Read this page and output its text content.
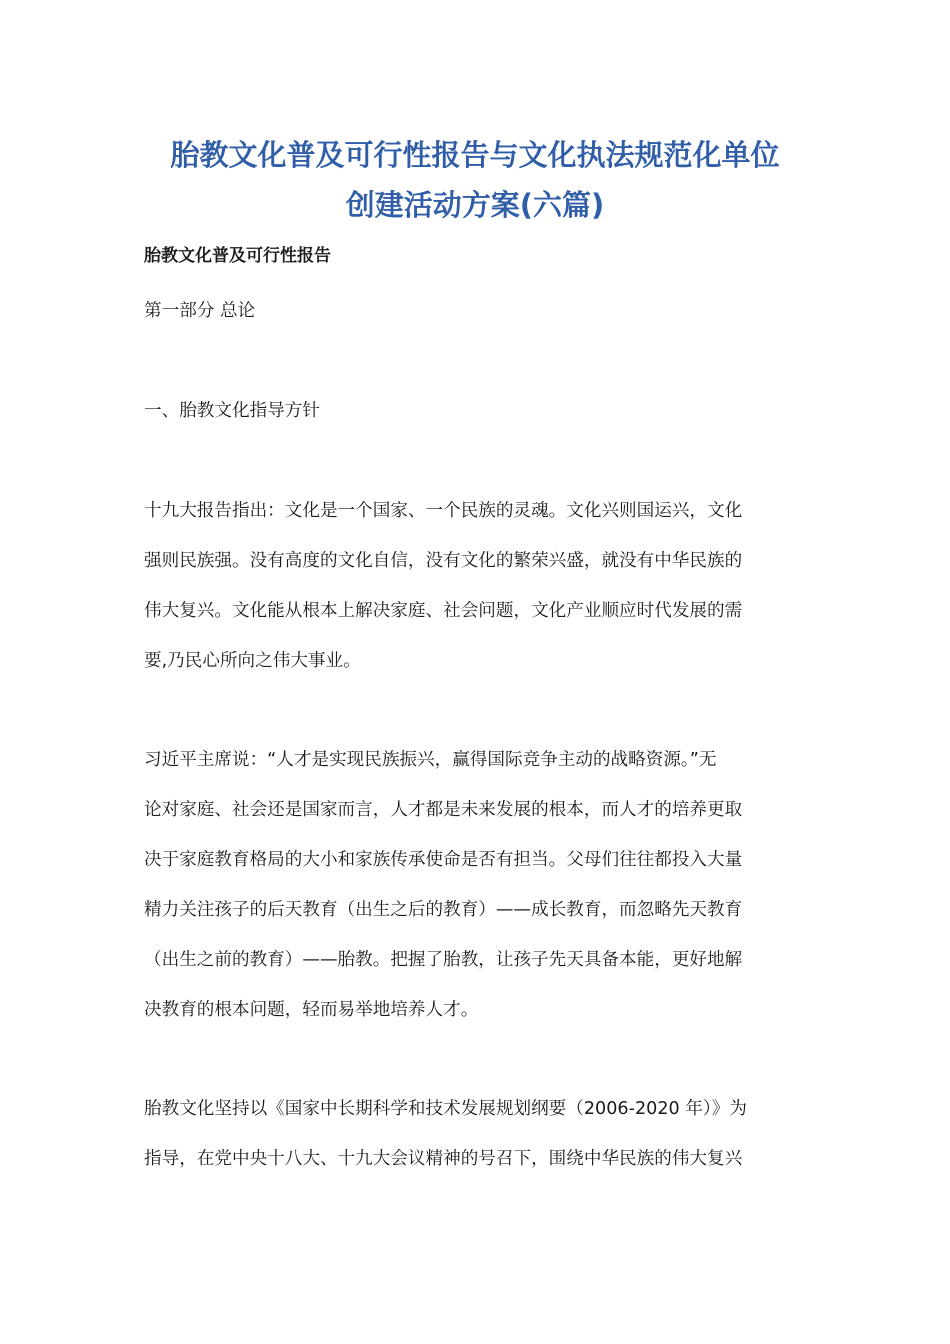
胎教文化普及可行性报告与文化执法规范化单位
创建活动方案(六篇)
胎教文化普及可行性报告

第一部分 总论

一、胎教文化指导方针

十九大报告指出：文化是一个国家、一个民族的灵魂。文化兴则国运兴，文化
强则民族强。没有高度的文化自信，没有文化的繁荣兴盛，就没有中华民族的
伟大复兴。文化能从根本上解决家庭、社会问题，文化产业顺应时代发展的需
要,乃民心所向之伟大事业。

习近平主席说：“人才是实现民族振兴，赢得国际竞争主动的战略资源。”无
论对家庭、社会还是国家而言，人才都是未来发展的根本，而人才的培养更取
决于家庭教育格局的大小和家族传承使命是否有担当。父母们往往都投入大量
精力关注孩子的后天教育（出生之后的教育）——成长教育，而忽略先天教育
（出生之前的教育）——胎教。把握了胎教，让孩子先天具备本能，更好地解
决教育的根本问题，轻而易举地培养人才。

胎教文化坚持以《国家中长期科学和技术发展规划纲要（2006-2020 年）》为
指导，在党中央十八大、十九大会议精神的号召下，围绕中华民族的伟大复兴
